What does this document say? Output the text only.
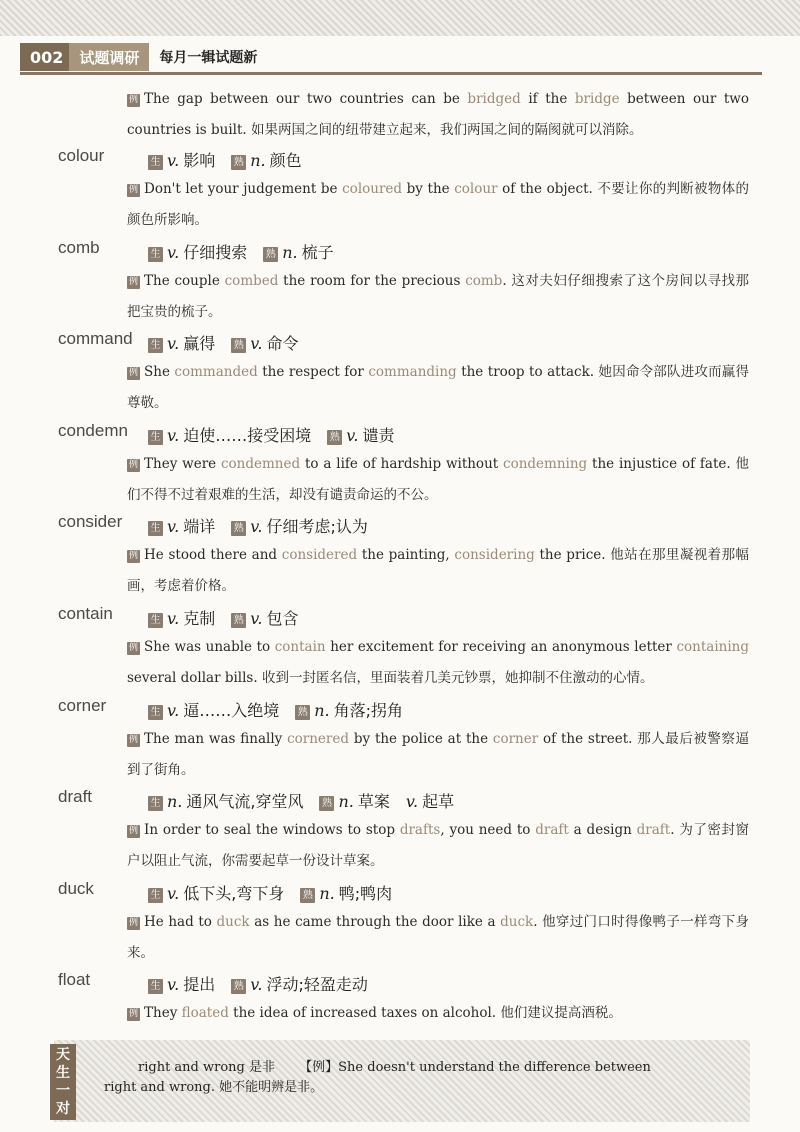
002	试题调研	每月一辑试题新
例 The gap between our two countries can be bridged if the bridge between our two countries is built. 如果两国之间的纽带建立起来，我们两国之间的隔阂就可以消除。
colour	生 v. 影响 熟 n. 颜色
例 Don't let your judgement be coloured by the colour of the object. 不要让你的判断被物体的颜色所影响。
comb	生 v. 仔细搜索 熟 n. 梳子
例 The couple combed the room for the precious comb. 这对夫妇仔细搜索了这个房间以寻找那把宝贵的梳子。
command 生 v. 赢得 熟 v. 命令
例 She commanded the respect for commanding the troop to attack. 她因命令部队进攻而赢得尊敬。
condemn 生 v. 迫使……接受困境 熟 v. 谴责
例 They were condemned to a life of hardship without condemning the injustice of fate. 他们不得不过着艰难的生活，却没有谴责命运的不公。
consider	生 v. 端详 熟 v. 仔细考虑;认为
例 He stood there and considered the painting, considering the price. 他站在那里凝视着那幅画，考虑着价格。
contain	生 v. 克制 熟 v. 包含
例 She was unable to contain her excitement for receiving an anonymous letter containing several dollar bills. 收到一封匿名信，里面装着几美元钞票，她抑制不住激动的心情。
corner	生 v. 逼……入绝境 熟 n. 角落;拐角
例 The man was finally cornered by the police at the corner of the street. 那人最后被警察逼到了街角。
draft	生 n. 通风气流,穿堂风 熟 n. 草案 v. 起草
例 In order to seal the windows to stop drafts, you need to draft a design draft. 为了密封窗户以阻止气流，你需要起草一份设计草案。
duck	生 v. 低下头,弯下身 熟 n. 鸭;鸭肉
例 He had to duck as he came through the door like a duck. 他穿过门口时得像鸭子一样弯下身来。
float	生 v. 提出 熟 v. 浮动;轻盈走动
例 They floated the idea of increased taxes on alcohol. 他们建议提高酒税。
天生一对
right and wrong 是非 【例】She doesn't understand the difference between right and wrong. 她不能明辨是非。
